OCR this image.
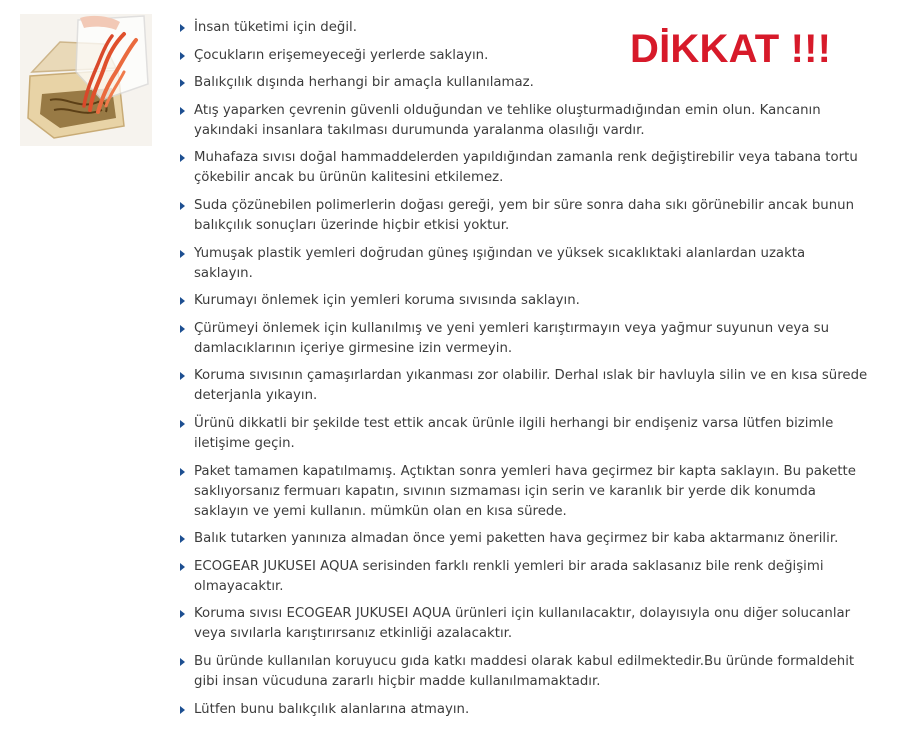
DİKKAT !!!
İnsan tüketimi için değil.
Çocukların erişemeyeceği yerlerde saklayın.
Balıkçılık dışında herhangi bir amaçla kullanılamaz.
Atış yaparken çevrenin güvenli olduğundan ve tehlike oluşturmadığından emin olun. Kancanın yakındaki insanlara takılması durumunda yaralanma olasılığı vardır.
Muhafaza sıvısı doğal hammaddelerden yapıldığından zamanla renk değiştirebilir veya tabana tortu çökebilir ancak bu ürünün kalitesini etkilemez.
Suda çözünebilen polimerlerin doğası gereği, yem bir süre sonra daha sıkı görünebilir ancak bunun balıkçılık sonuçları üzerinde hiçbir etkisi yoktur.
Yumuşak plastik yemleri doğrudan güneş ışığından ve yüksek sıcaklıktaki alanlardan uzakta saklayın.
Kurumayı önlemek için yemleri koruma sıvısında saklayın.
Çürümeyi önlemek için kullanılmış ve yeni yemleri karıştırmayın veya yağmur suyunun veya su damlacıklarının içeriye girmesine izin vermeyin.
Koruma sıvısının çamaşırlardan yıkanması zor olabilir. Derhal ıslak bir havluyla silin ve en kısa sürede deterjanla yıkayın.
Ürünü dikkatli bir şekilde test ettik ancak ürünle ilgili herhangi bir endişeniz varsa lütfen bizimle iletişime geçin.
Paket tamamen kapatılmamış. Açtıktan sonra yemleri hava geçirmez bir kapta saklayın. Bu pakette saklıyorsanız fermuarı kapatın, sıvının sızmaması için serin ve karanlık bir yerde dik konumda saklayın ve yemi kullanın. mümkün olan en kısa sürede.
Balık tutarken yanınıza almadan önce yemi paketten hava geçirmez bir kaba aktarmanız önerilir.
ECOGEAR JUKUSEI AQUA serisinden farklı renkli yemleri bir arada saklasanız bile renk değişimi olmayacaktır.
Koruma sıvısı ECOGEAR JUKUSEI AQUA ürünleri için kullanılacaktır, dolayısıyla onu diğer solucanlar veya sıvılarla karıştırırsanız etkinliği azalacaktır.
Bu üründe kullanılan koruyucu gıda katkı maddesi olarak kabul edilmektedir.Bu üründe formaldehit gibi insan vücuduna zararlı hiçbir madde kullanılmamaktadır.
Lütfen bunu balıkçılık alanlarına atmayın.
